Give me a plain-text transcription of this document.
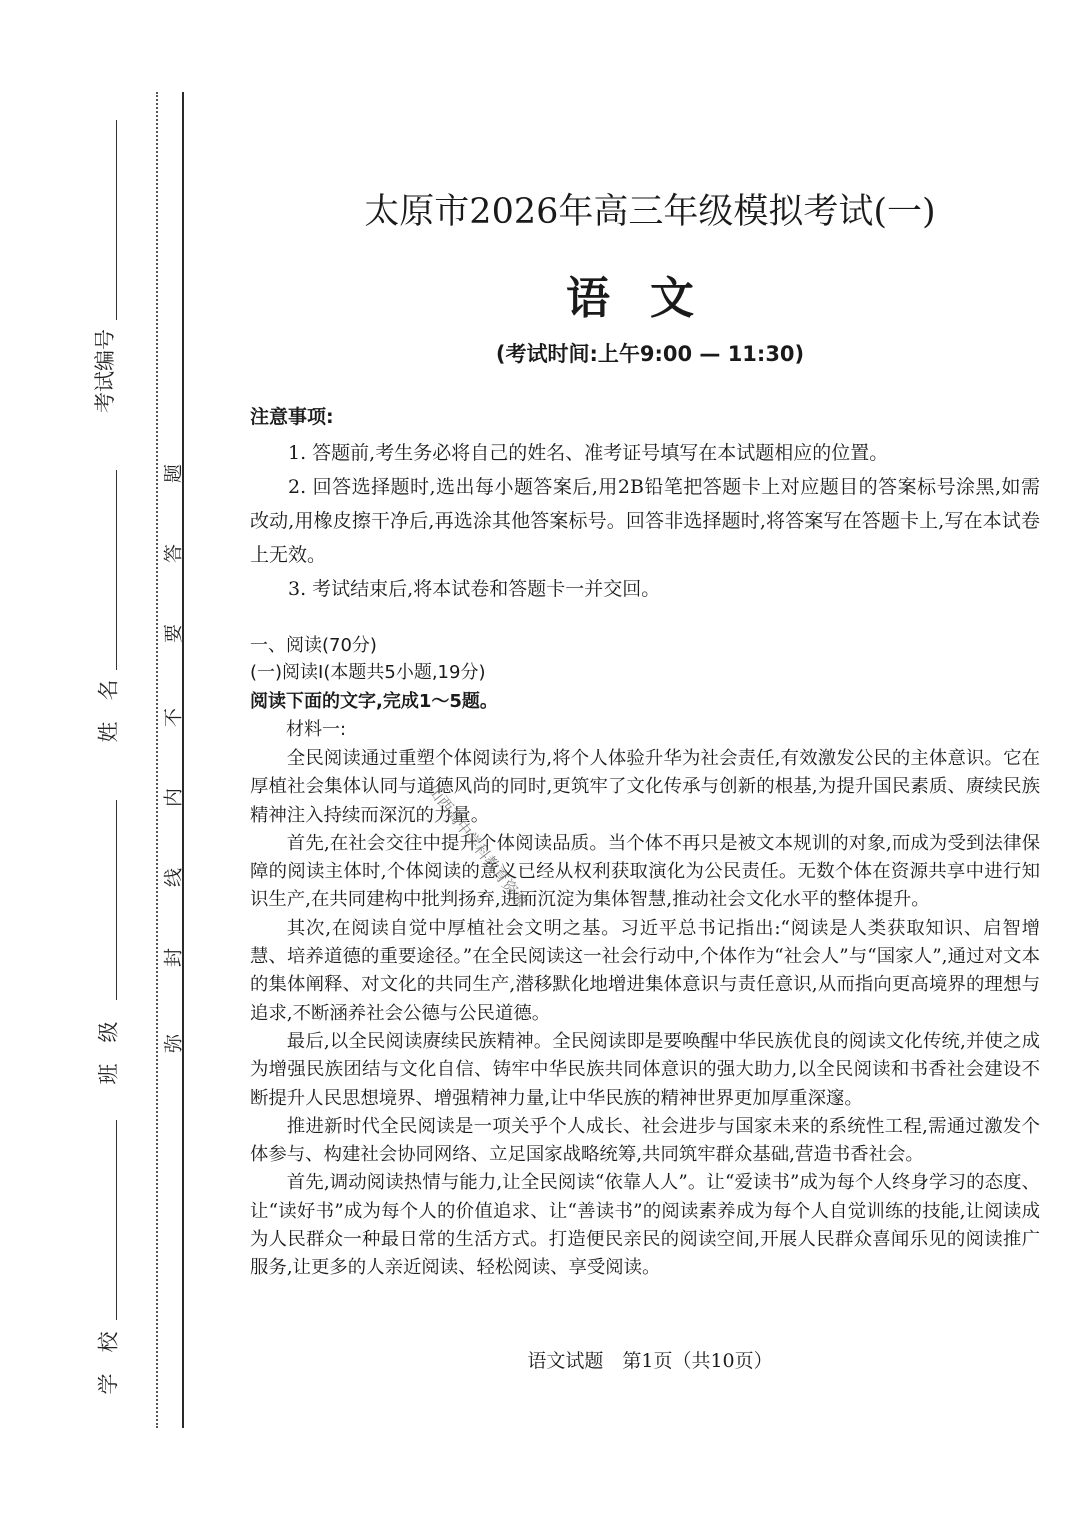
考试编号
姓　名
班　级
学　校
题
答
要
不
内
线
封
弥
太原市2026年高三年级模拟考试(一)
语文
(考试时间:上午9:00 — 11:30)
注意事项:

1. 答题前,考生务必将自己的姓名、准考证号填写在本试题相应的位置。

2. 回答选择题时,选出每小题答案后,用2B铅笔把答题卡上对应题目的答案标号涂黑,如需改动,用橡皮擦干净后,再选涂其他答案标号。回答非选择题时,将答案写在答题卡上,写在本试卷上无效。

3. 考试结束后,将本试卷和答题卡一并交回。

一、阅读(70分)
(一)阅读Ⅰ(本题共5小题,19分)
阅读下面的文字,完成1～5题。
材料一:

全民阅读通过重塑个体阅读行为,将个人体验升华为社会责任,有效激发公民的主体意识。它在厚植社会集体认同与道德风尚的同时,更筑牢了文化传承与创新的根基,为提升国民素质、赓续民族精神注入持续而深沉的力量。

首先,在社会交往中提升个体阅读品质。当个体不再只是被文本规训的对象,而成为受到法律保障的阅读主体时,个体阅读的意义已经从权利获取演化为公民责任。无数个体在资源共享中进行知识生产,在共同建构中批判扬弃,进而沉淀为集体智慧,推动社会文化水平的整体提升。

其次,在阅读自觉中厚植社会文明之基。习近平总书记指出:“阅读是人类获取知识、启智增慧、培养道德的重要途径。”在全民阅读这一社会行动中,个体作为“社会人”与“国家人”,通过对文本的集体阐释、对文化的共同生产,潜移默化地增进集体意识与责任意识,从而指向更高境界的理想与追求,不断涵养社会公德与公民道德。

最后,以全民阅读赓续民族精神。全民阅读即是要唤醒中华民族优良的阅读文化传统,并使之成为增强民族团结与文化自信、铸牢中华民族共同体意识的强大助力,以全民阅读和书香社会建设不断提升人民思想境界、增强精神力量,让中华民族的精神世界更加厚重深邃。

推进新时代全民阅读是一项关乎个人成长、社会进步与国家未来的系统性工程,需通过激发个体参与、构建社会协同网络、立足国家战略统筹,共同筑牢群众基础,营造书香社会。

首先,调动阅读热情与能力,让全民阅读“依靠人人”。让“爱读书”成为每个人终身学习的态度、让“读好书”成为每个人的价值追求、让“善读书”的阅读素养成为每个人自觉训练的技能,让阅读成为人民群众一种最日常的生活方式。打造便民亲民的阅读空间,开展人民群众喜闻乐见的阅读推广服务,让更多的人亲近阅读、轻松阅读、享受阅读。

山西高中学科教育资源
语文试题　第1页（共10页）
